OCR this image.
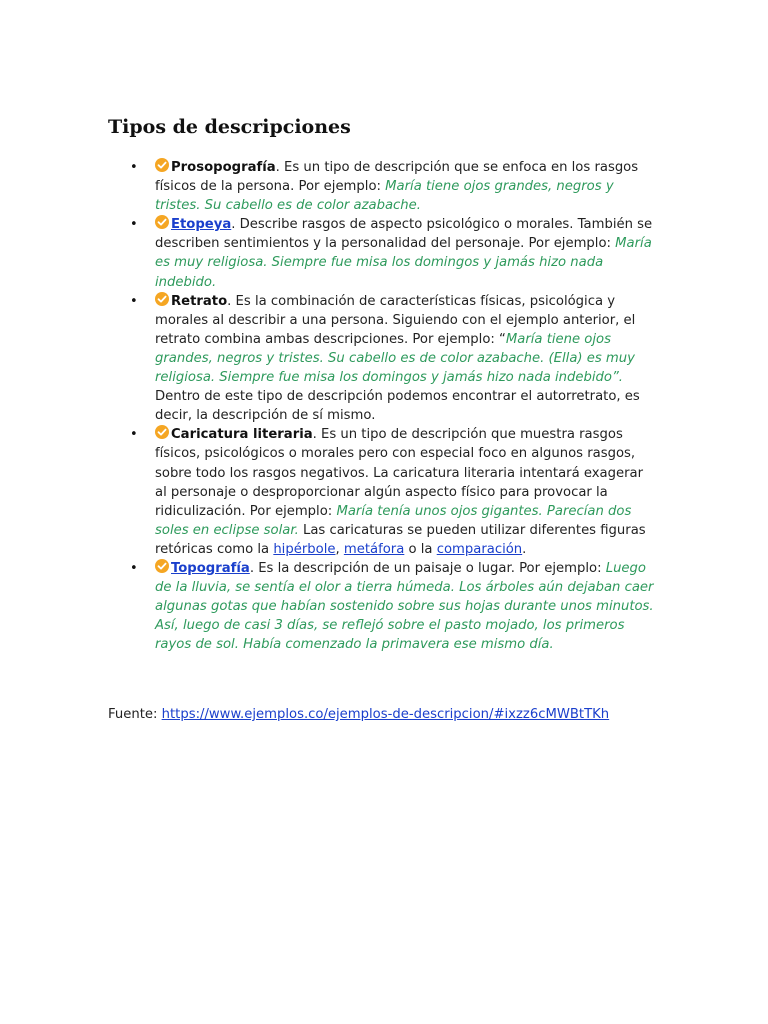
Tipos de descripciones
•	Prosopografía. Es un tipo de descripción que se enfoca en los rasgos físicos de la persona. Por ejemplo: María tiene ojos grandes, negros y tristes. Su cabello es de color azabache.
•	Etopeya. Describe rasgos de aspecto psicológico o morales. También se describen sentimientos y la personalidad del personaje. Por ejemplo: María es muy religiosa. Siempre fue misa los domingos y jamás hizo nada indebido.
•	Retrato. Es la combinación de características físicas, psicológica y morales al describir a una persona. Siguiendo con el ejemplo anterior, el retrato combina ambas descripciones. Por ejemplo: “María tiene ojos grandes, negros y tristes. Su cabello es de color azabache. (Ella) es muy religiosa. Siempre fue misa los domingos y jamás hizo nada indebido”. Dentro de este tipo de descripción podemos encontrar el autorretrato, es decir, la descripción de sí mismo.
•	Caricatura literaria. Es un tipo de descripción que muestra rasgos físicos, psicológicos o morales pero con especial foco en algunos rasgos, sobre todo los rasgos negativos. La caricatura literaria intentará exagerar al personaje o desproporcionar algún aspecto físico para provocar la ridiculización. Por ejemplo: María tenía unos ojos gigantes. Parecían dos soles en eclipse solar. Las caricaturas se pueden utilizar diferentes figuras retóricas como la hipérbole, metáfora o la comparación.
•	Topografía. Es la descripción de un paisaje o lugar. Por ejemplo: Luego de la lluvia, se sentía el olor a tierra húmeda. Los árboles aún dejaban caer algunas gotas que habían sostenido sobre sus hojas durante unos minutos. Así, luego de casi 3 días, se reflejó sobre el pasto mojado, los primeros rayos de sol. Había comenzado la primavera ese mismo día.
Fuente: https://www.ejemplos.co/ejemplos-de-descripcion/#ixzz6cMWBtTKh
